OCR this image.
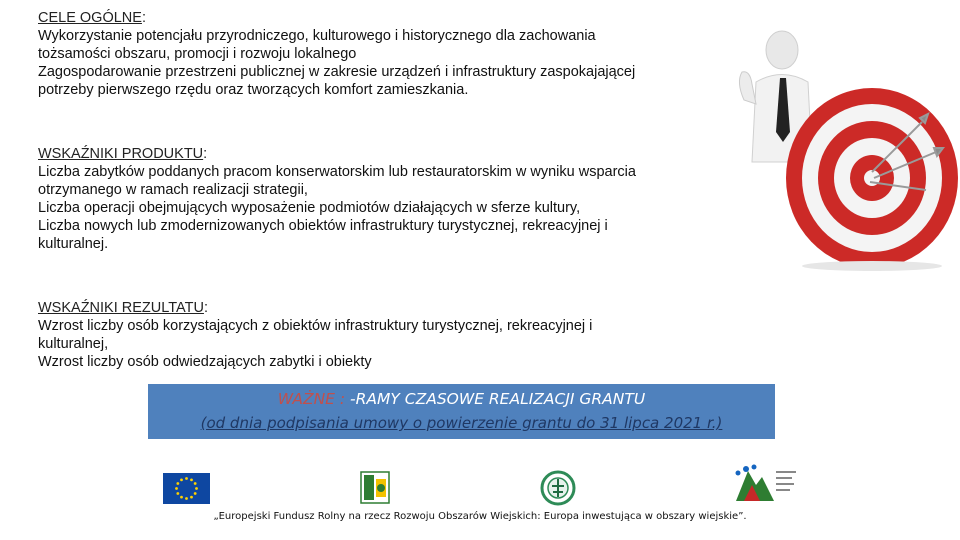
CELE OGÓLNE:
Wykorzystanie potencjału przyrodniczego, kulturowego i historycznego dla zachowania
tożsamości obszaru, promocji i rozwoju lokalnego
Zagospodarowanie przestrzeni publicznej w zakresie urządzeń i infrastruktury zaspokajającej
potrzeby pierwszego rzędu oraz tworzących komfort zamieszkania.
WSKAŹNIKI PRODUKTU:
Liczba zabytków poddanych pracom konserwatorskim lub restauratorskim w wyniku wsparcia
otrzymanego w ramach realizacji strategii,
Liczba operacji obejmujących wyposażenie podmiotów działających w sferze kultury,
Liczba nowych lub zmodernizowanych obiektów infrastruktury turystycznej, rekreacyjnej i
kulturalnej.
WSKAŹNIKI REZULTATU:
Wzrost liczby osób korzystających z obiektów infrastruktury turystycznej, rekreacyjnej i
kulturalnej,
Wzrost liczby osób odwiedzających zabytki i obiekty
WAŻNE : -RAMY CZASOWE REALIZACJI GRANTU
(od dnia podpisania umowy o powierzenie grantu do 31 lipca 2021 r.)
„Europejski Fundusz Rolny na rzecz Rozwoju Obszarów Wiejskich: Europa inwestująca w obszary wiejskie”.
